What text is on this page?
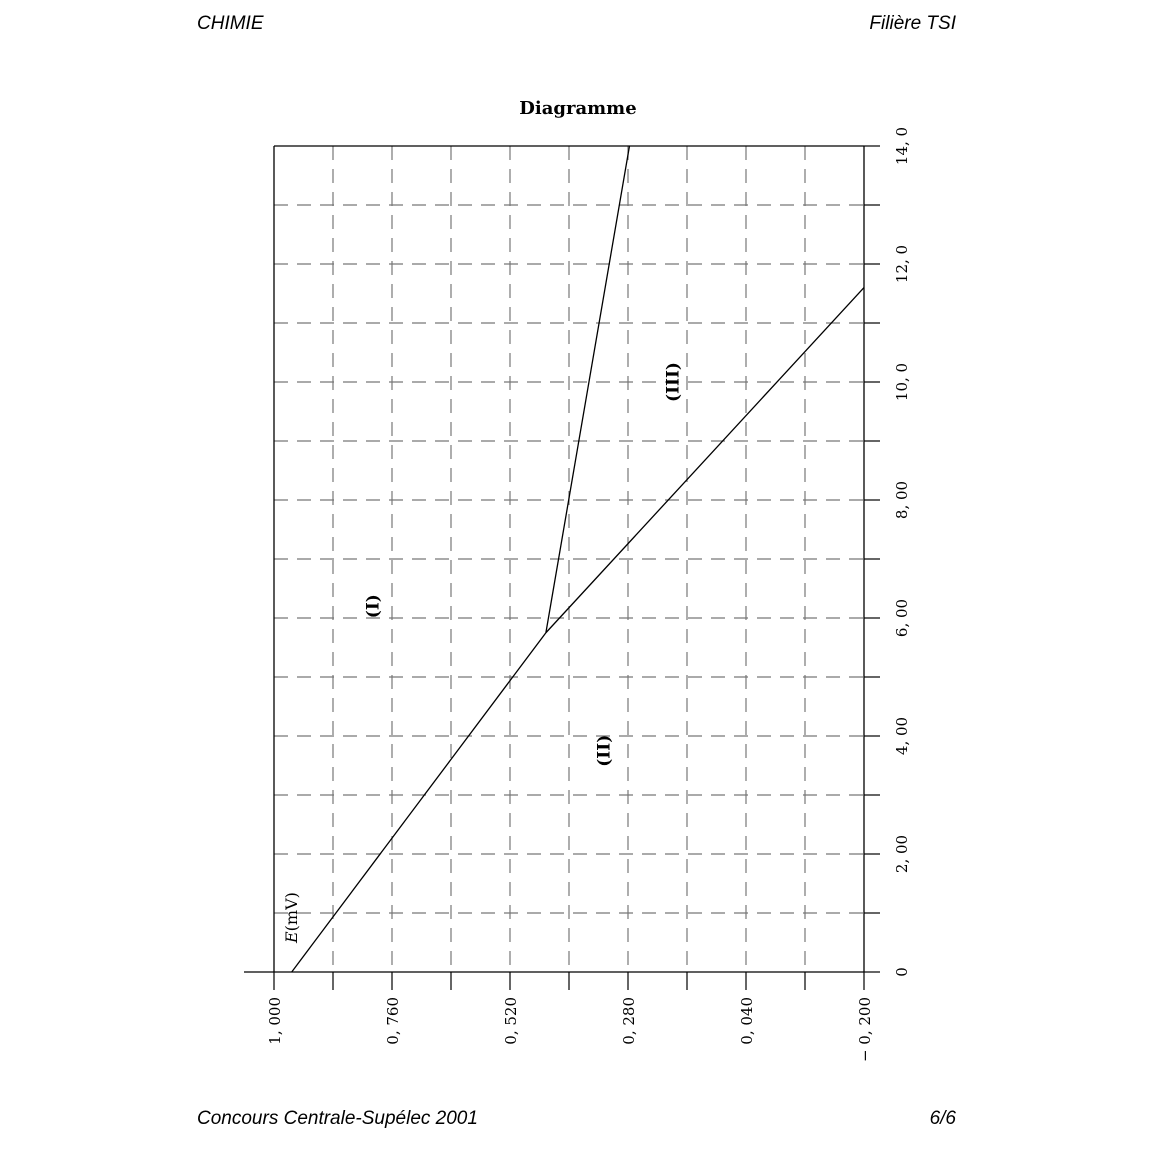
CHIMIE	Filière TSI
Diagramme
0
2, 00
4, 00
6, 00
8, 00
10, 0
12, 0
14, 0
1, 000	0, 760	0, 520	0, 280	0, 040	− 0, 200
(I)
(II)
(III)
E(mV)
Concours Centrale-Supélec 2001	6/6
